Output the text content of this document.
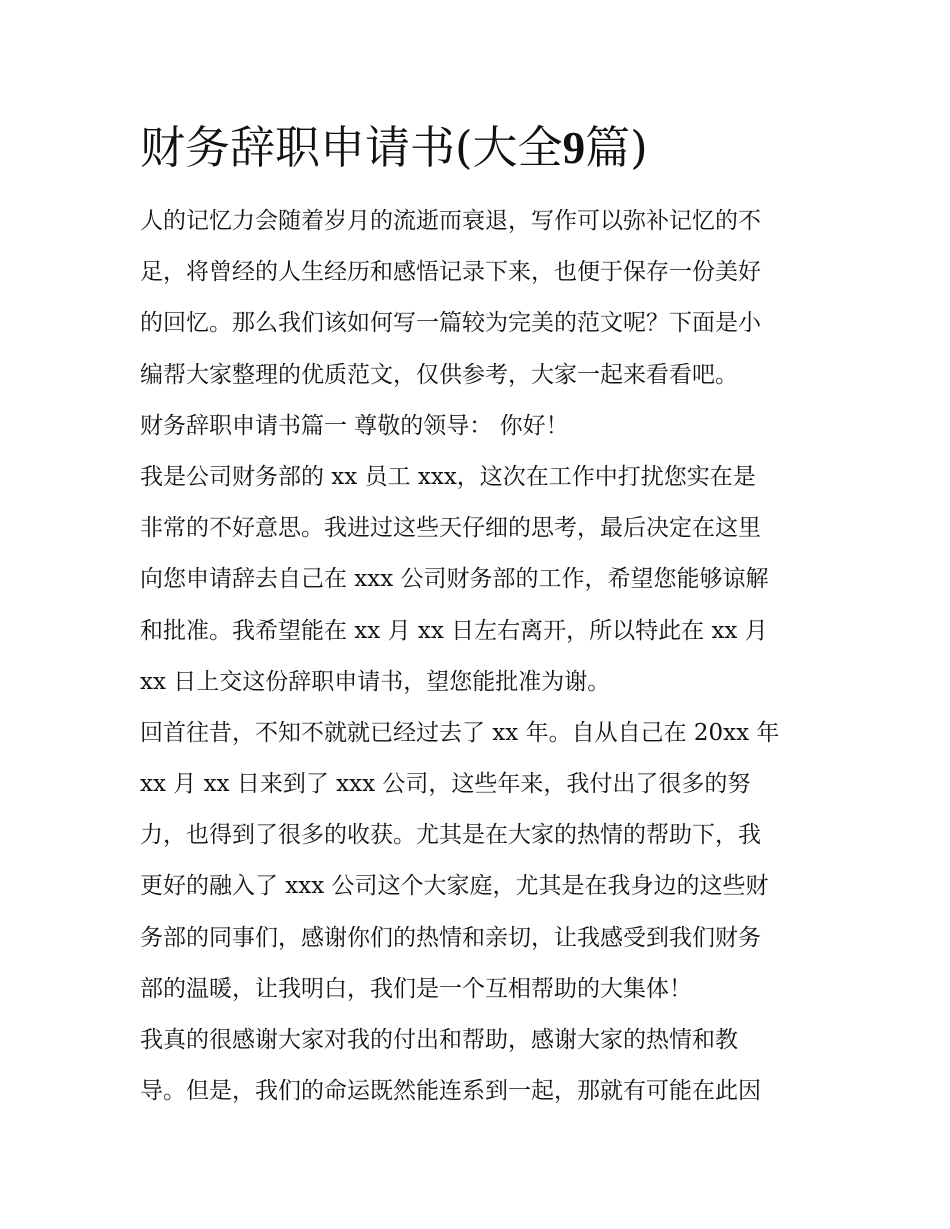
财务辞职申请书(大全9篇)
人的记忆力会随着岁月的流逝而衰退，写作可以弥补记忆的不
足，将曾经的人生经历和感悟记录下来，也便于保存一份美好
的回忆。那么我们该如何写一篇较为完美的范文呢？下面是小
编帮大家整理的优质范文，仅供参考，大家一起来看看吧。
财务辞职申请书篇一 尊敬的领导： 你好！
我是公司财务部的 xx 员工 xxx，这次在工作中打扰您实在是
非常的不好意思。我进过这些天仔细的思考，最后决定在这里
向您申请辞去自己在 xxx 公司财务部的工作，希望您能够谅解
和批准。我希望能在 xx 月 xx 日左右离开，所以特此在 xx 月
xx 日上交这份辞职申请书，望您能批准为谢。
回首往昔，不知不就就已经过去了 xx 年。自从自己在 20xx 年
xx 月 xx 日来到了 xxx 公司，这些年来，我付出了很多的努
力，也得到了很多的收获。尤其是在大家的热情的帮助下，我
更好的融入了 xxx 公司这个大家庭，尤其是在我身边的这些财
务部的同事们，感谢你们的热情和亲切，让我感受到我们财务
部的温暖，让我明白，我们是一个互相帮助的大集体！
我真的很感谢大家对我的付出和帮助，感谢大家的热情和教
导。但是，我们的命运既然能连系到一起，那就有可能在此因
